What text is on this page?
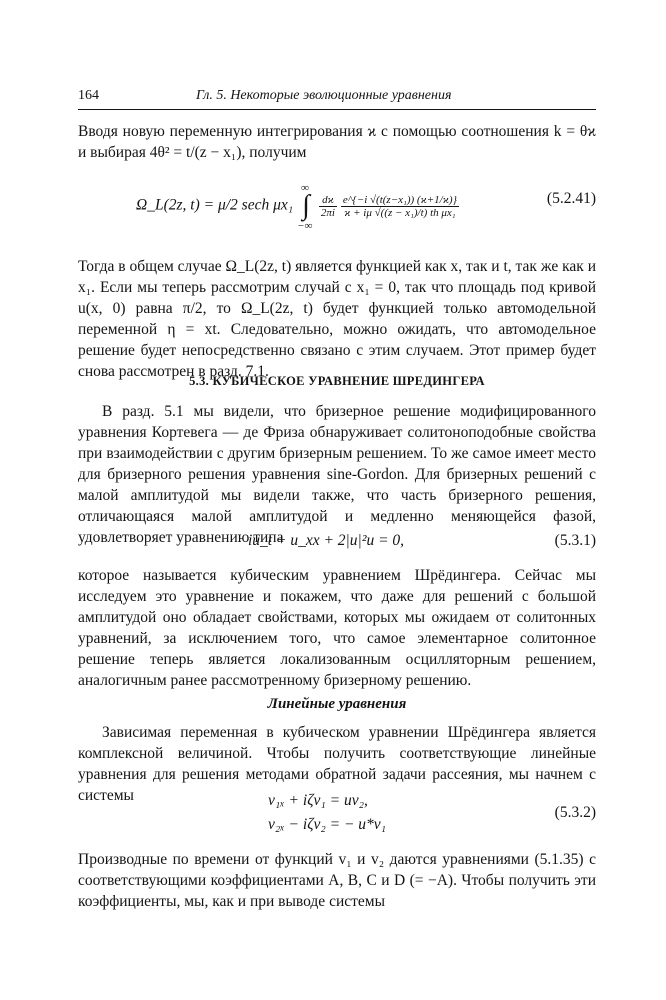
164	Гл. 5. Некоторые эволюционные уравнения
Вводя новую переменную интегрирования ϰ с помощью соотношения k = θϰ и выбирая 4θ² = t/(z − x₁), получим
Ω_L(2z, t) = μ/2 sech μx₁ ∫
∞
−∞

$\frac{dϰ}{2\pi i}$
$\frac{\text{e\textasciicircum{}\{−i √(t(z−x₁)) (ϰ+1/ϰ)\}}}{\text{ϰ + iμ √((z − x₁)/t) th μx₁}}$	(5.2.41)
Тогда в общем случае Ω_L(2z, t) является функцией как x, так и t, так же как и x₁. Если мы теперь рассмотрим случай с x₁ = 0, так что площадь под кривой u(x, 0) равна π/2, то Ω_L(2z, t) будет функцией только автомодельной переменной η = xt. Следовательно, можно ожидать, что автомодельное решение будет непосредственно связано с этим случаем. Этот пример будет снова рассмотрен в разд. 7.1.
5.3. КУБИЧЕСКОЕ УРАВНЕНИЕ ШРЕДИНГЕРА
В разд. 5.1 мы видели, что бризерное решение модифицированного уравнения Кортевега — де Фриза обнаруживает солитоноподобные свойства при взаимодействии с другим бризерным решением. То же самое имеет место для бризерного решения уравнения sine-Gordon. Для бризерных решений с малой амплитудой мы видели также, что часть бризерного решения, отличающаяся малой амплитудой и медленно меняющейся фазой, удовлетворяет уравнению типа
iu_t + u_xx + 2|u|²u = 0,	(5.3.1)
которое называется кубическим уравнением Шрёдингера. Сейчас мы исследуем это уравнение и покажем, что даже для решений с большой амплитудой оно обладает свойствами, которых мы ожидаем от солитонных уравнений, за исключением того, что самое элементарное солитонное решение теперь является локализованным осцилляторным решением, аналогичным ранее рассмотренному бризерному решению.
Линейные уравнения
Зависимая переменная в кубическом уравнении Шрёдингера является комплексной величиной. Чтобы получить соответствующие линейные уравнения для решения методами обратной задачи рассеяния, мы начнем с системы	v₁ₓ + iζv₁ = uv₂,
v₂ₓ − iζv₂ = − u*v₁
(5.3.2)
Производные по времени от функций v₁ и v₂ даются уравнениями (5.1.35) с соответствующими коэффициентами A, B, C и D (= −A). Чтобы получить эти коэффициенты, мы, как и при выводе системы
